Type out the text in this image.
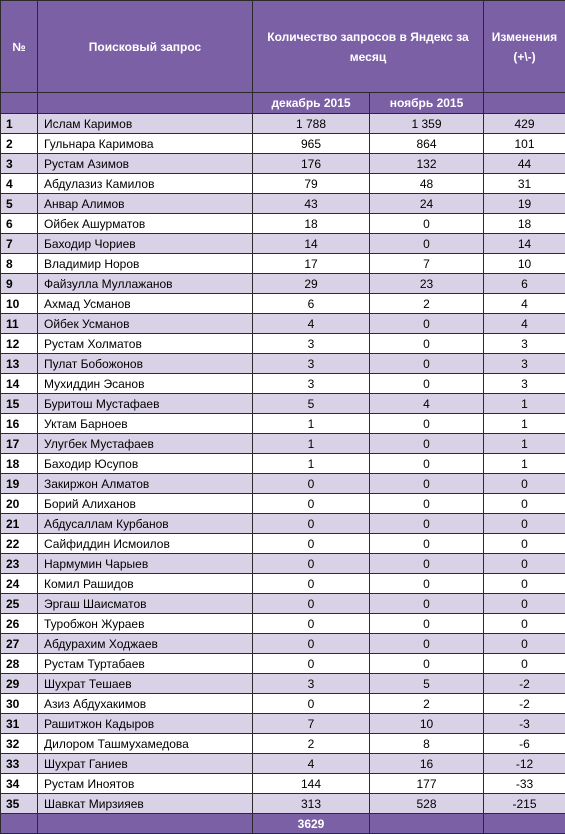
№	Поисковый запрос	Количество запросов в Яндекс за месяц		Изменения (+\-)
		декабрь 2015	ноябрь 2015	
1	Ислам Каримов	1 788	1 359	429
2	Гульнара Каримова	965	864	101
3	Рустам Азимов	176	132	44
4	Абдулазиз Камилов	79	48	31
5	Анвар Алимов	43	24	19
6	Ойбек Ашурматов	18	0	18
7	Баходир Чориев	14	0	14
8	Владимир Норов	17	7	10
9	Файзулла Муллажанов	29	23	6
10	Ахмад Усманов	6	2	4
11	Ойбек Усманов	4	0	4
12	Рустам Холматов	3	0	3
13	Пулат Бобожонов	3	0	3
14	Мухиддин Эсанов	3	0	3
15	Буритош Мустафаев	5	4	1
16	Уктам Барноев	1	0	1
17	Улугбек Мустафаев	1	0	1
18	Баходир Юсупов	1	0	1
19	Закиржон Алматов	0	0	0
20	Борий Алиханов	0	0	0
21	Абдусаллам Курбанов	0	0	0
22	Сайфиддин Исмоилов	0	0	0
23	Нармумин Чарыев	0	0	0
24	Комил Рашидов	0	0	0
25	Эргаш Шаисматов	0	0	0
26	Туробжон Жураев	0	0	0
27	Абдурахим Ходжаев	0	0	0
28	Рустам Туртабаев	0	0	0
29	Шухрат Тешаев	3	5	-2
30	Азиз Абдухакимов	0	2	-2
31	Рашитжон Кадыров	7	10	-3
32	Дилором Ташмухамедова	2	8	-6
33	Шухрат Ганиев	4	16	-12
34	Рустам Иноятов	144	177	-33
35	Шавкат Мирзияев	313	528	-215
		3629		
